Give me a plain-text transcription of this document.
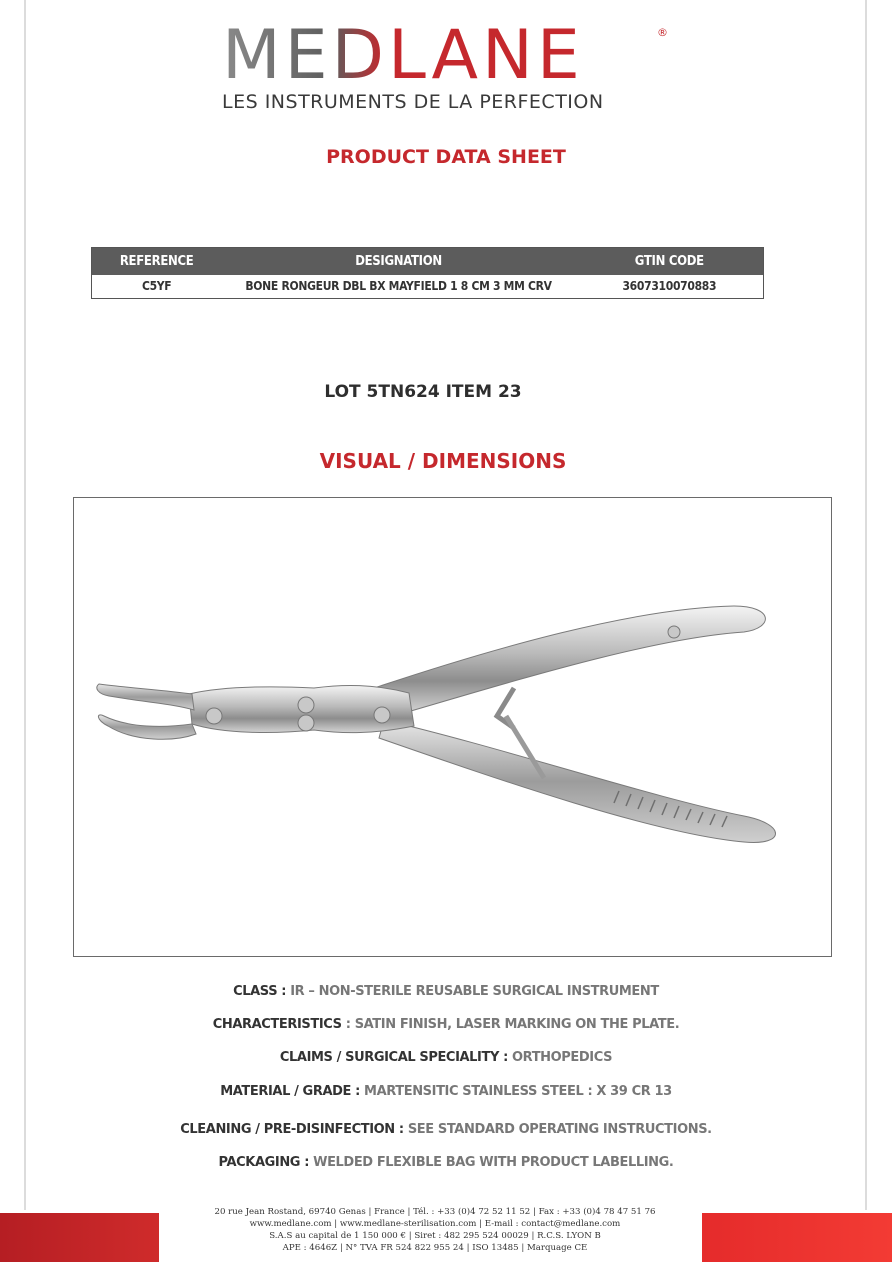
MEDLANE	®
LES INSTRUMENTS DE LA PERFECTION
PRODUCT DATA SHEET
REFERENCE	DESIGNATION	GTIN CODE
C5YF	BONE RONGEUR DBL BX MAYFIELD 1 8 CM 3 MM CRV	3607310070883
LOT 5TN624 ITEM 23
VISUAL / DIMENSIONS
CLASS : IR – NON-STERILE REUSABLE SURGICAL INSTRUMENT
CHARACTERISTICS : SATIN FINISH, LASER MARKING ON THE PLATE.
CLAIMS / SURGICAL SPECIALITY : ORTHOPEDICS
MATERIAL / GRADE : MARTENSITIC STAINLESS STEEL : X 39 CR 13
CLEANING / PRE-DISINFECTION : SEE STANDARD OPERATING INSTRUCTIONS.
PACKAGING : WELDED FLEXIBLE BAG WITH PRODUCT LABELLING.
20 rue Jean Rostand, 69740 Genas | France | Tél. : +33 (0)4 72 52 11 52 | Fax : +33 (0)4 78 47 51 76
www.medlane.com | www.medlane-sterilisation.com | E-mail : contact@medlane.com
S.A.S au capital de 1 150 000 € | Siret : 482 295 524 00029 | R.C.S. LYON B
APE : 4646Z | N° TVA FR 524 822 955 24 | ISO 13485 | Marquage CE
